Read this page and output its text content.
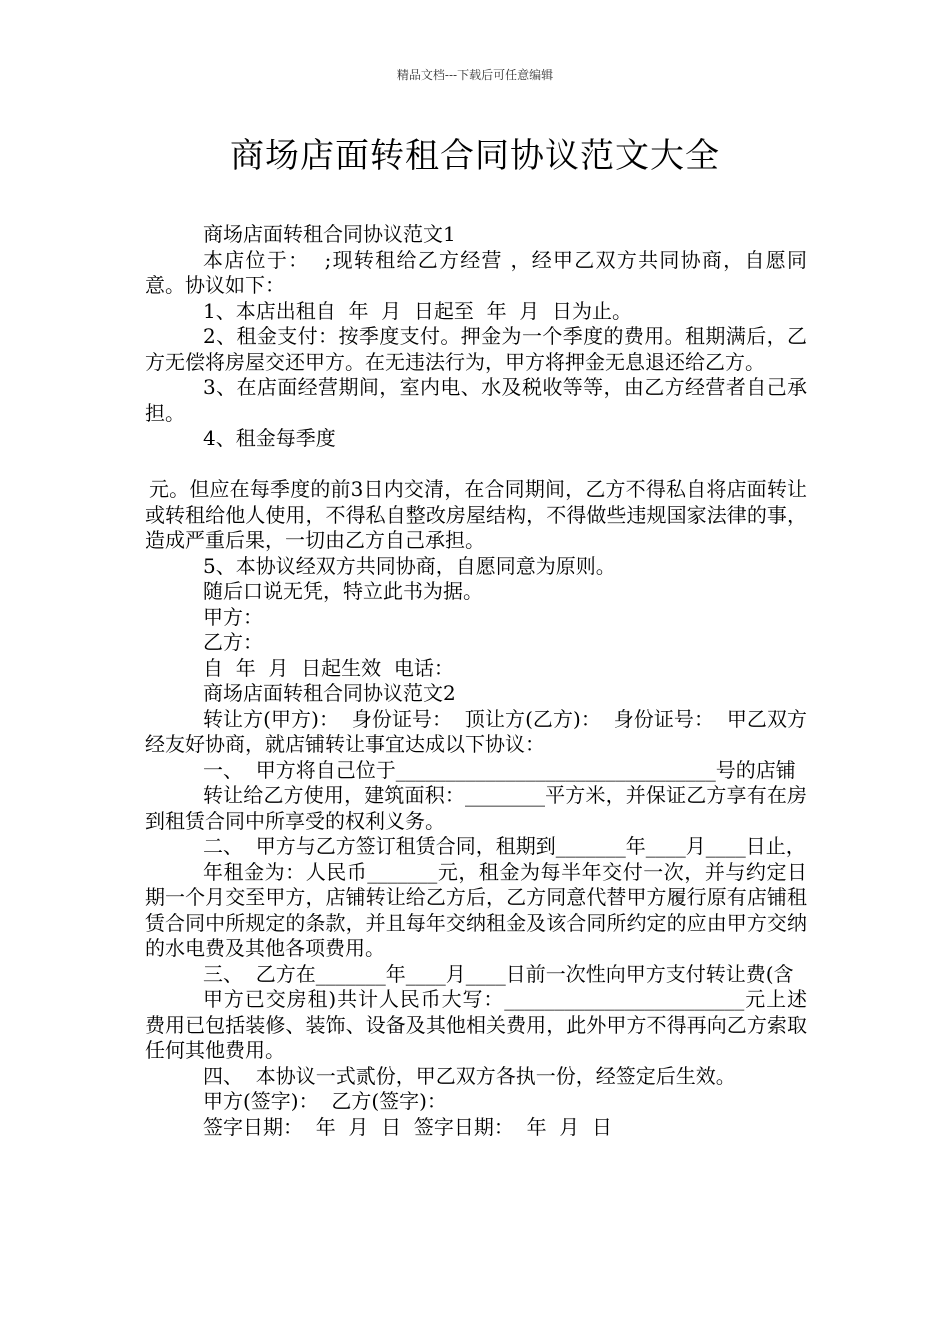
精品文档---下载后可任意编辑
商场店面转租合同协议范文大全

商场店面转租合同协议范文1

本店位于：  ;现转租给乙方经营 ，经甲乙双方共同协商，自愿同意。协议如下：

1、本店出租自  年  月  日起至  年  月  日为止。

2、租金支付：按季度支付。押金为一个季度的费用。租期满后，乙方无偿将房屋交还甲方。在无违法行为，甲方将押金无息退还给乙方。

3、在店面经营期间，室内电、水及税收等等，由乙方经营者自己承担。

4、租金每季度

元。但应在每季度的前3日内交清，在合同期间，乙方不得私自将店面转让或转租给他人使用，不得私自整改房屋结构，不得做些违规国家法律的事，造成严重后果，一切由乙方自己承担。

5、本协议经双方共同协商，自愿同意为原则。

随后口说无凭，特立此书为据。

甲方：

乙方：

自  年  月  日起生效  电话：

商场店面转租合同协议范文2

转让方(甲方)：  身份证号：  顶让方(乙方)：  身份证号：  甲乙双方经友好协商，就店铺转让事宜达成以下协议：

一、  甲方将自己位于________________________________号的店铺

转让给乙方使用，建筑面积：________平方米，并保证乙方享有在房到租赁合同中所享受的权利义务。

二、  甲方与乙方签订租赁合同，租期到_______年____月____日止，

年租金为：人民币_______元，租金为每半年交付一次，并与约定日期一个月交至甲方，店铺转让给乙方后，乙方同意代替甲方履行原有店铺租赁合同中所规定的条款，并且每年交纳租金及该合同所约定的应由甲方交纳的水电费及其他各项费用。

三、  乙方在_______年____月____日前一次性向甲方支付转让费(含

甲方已交房租)共计人民币大写：________________________元上述费用已包括装修、装饰、设备及其他相关费用，此外甲方不得再向乙方索取任何其他费用。

四、  本协议一式贰份，甲乙双方各执一份，经签定后生效。

甲方(签字)：  乙方(签字)：

签字日期：  年  月  日  签字日期：  年  月  日
